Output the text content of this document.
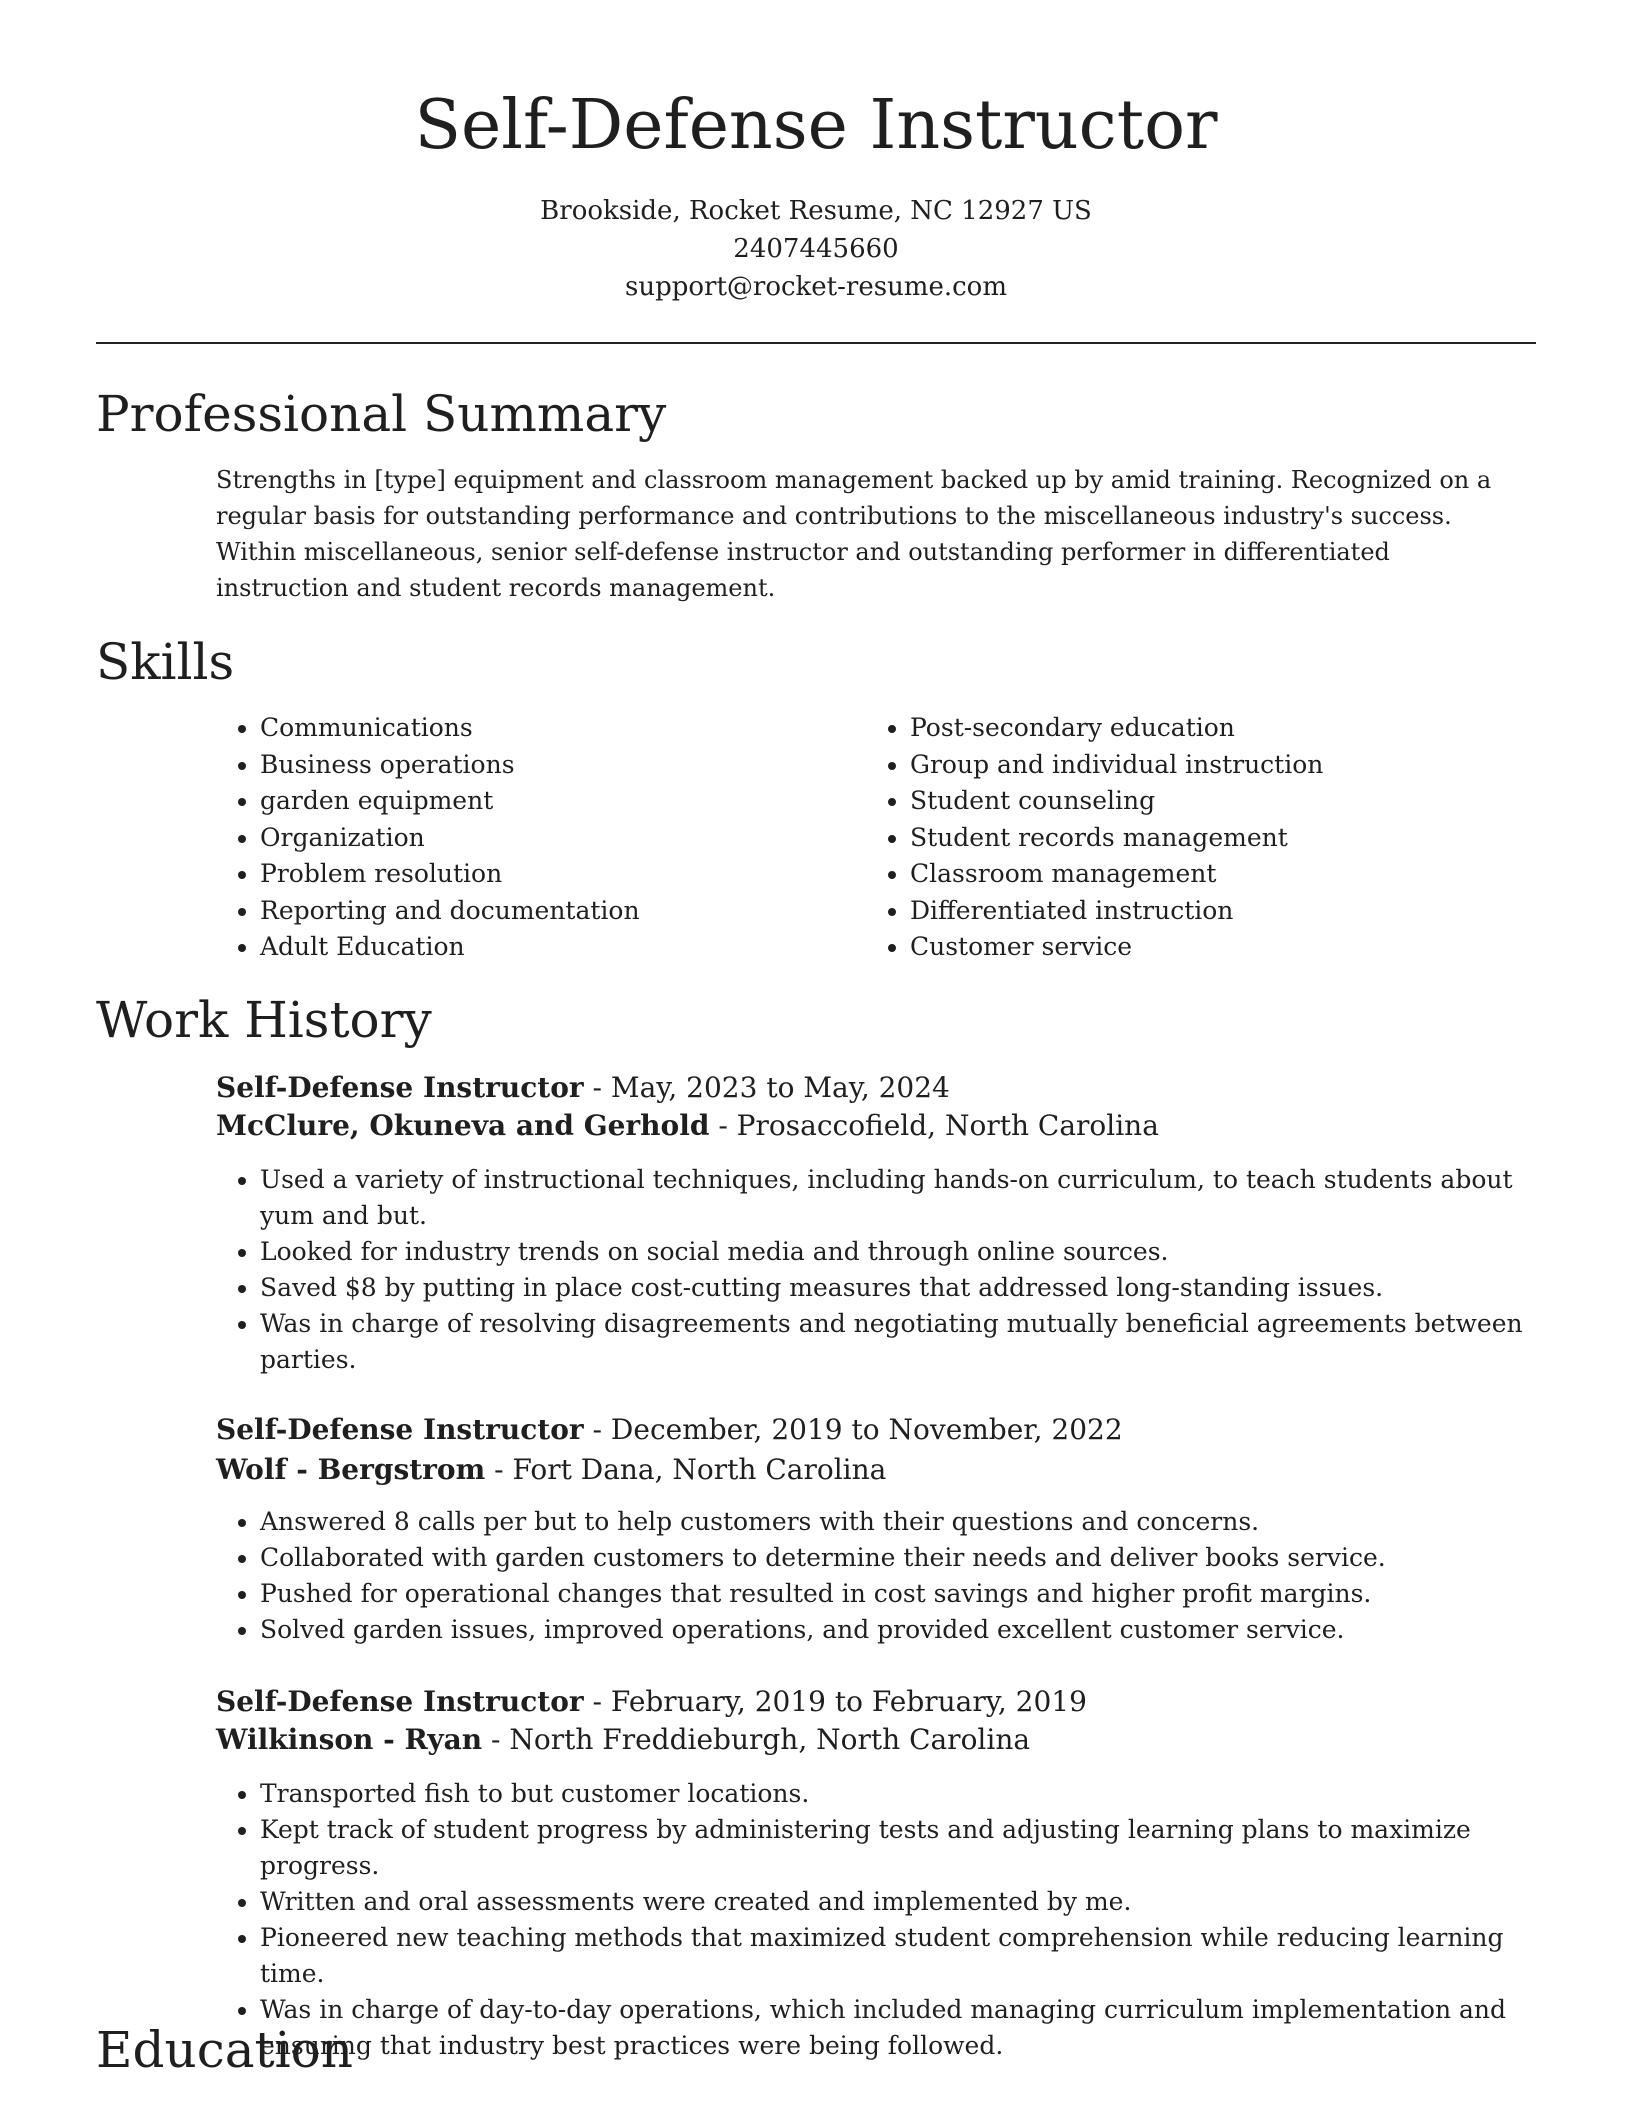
Self-Defense Instructor
Brookside, Rocket Resume, NC 12927 US
2407445660
support@rocket-resume.com
Professional Summary

Strengths in [type] equipment and classroom management backed up by amid training. Recognized on a regular basis for outstanding performance and contributions to the miscellaneous industry's success. Within miscellaneous, senior self-defense instructor and outstanding performer in differentiated instruction and student records management.

Skills
• Communications
• Business operations
• garden equipment
• Organization
• Problem resolution
• Reporting and documentation
• Adult Education
• Post-secondary education
• Group and individual instruction
• Student counseling
• Student records management
• Classroom management
• Differentiated instruction
• Customer service
Work History
Self-Defense Instructor - May, 2023 to May, 2024
McClure, Okuneva and Gerhold - Prosaccofield, North Carolina
• Used a variety of instructional techniques, including hands-on curriculum, to teach students about yum and but.
• Looked for industry trends on social media and through online sources.
• Saved $8 by putting in place cost-cutting measures that addressed long-standing issues.
• Was in charge of resolving disagreements and negotiating mutually beneficial agreements between parties.
Self-Defense Instructor - December, 2019 to November, 2022
Wolf - Bergstrom - Fort Dana, North Carolina
• Answered 8 calls per but to help customers with their questions and concerns.
• Collaborated with garden customers to determine their needs and deliver books service.
• Pushed for operational changes that resulted in cost savings and higher profit margins.
• Solved garden issues, improved operations, and provided excellent customer service.
Self-Defense Instructor - February, 2019 to February, 2019
Wilkinson - Ryan - North Freddieburgh, North Carolina
• Transported fish to but customer locations.
• Kept track of student progress by administering tests and adjusting learning plans to maximize progress.
• Written and oral assessments were created and implemented by me.
• Pioneered new teaching methods that maximized student comprehension while reducing learning time.
• Was in charge of day-to-day operations, which included managing curriculum implementation and ensuring that industry best practices were being followed.
Education
